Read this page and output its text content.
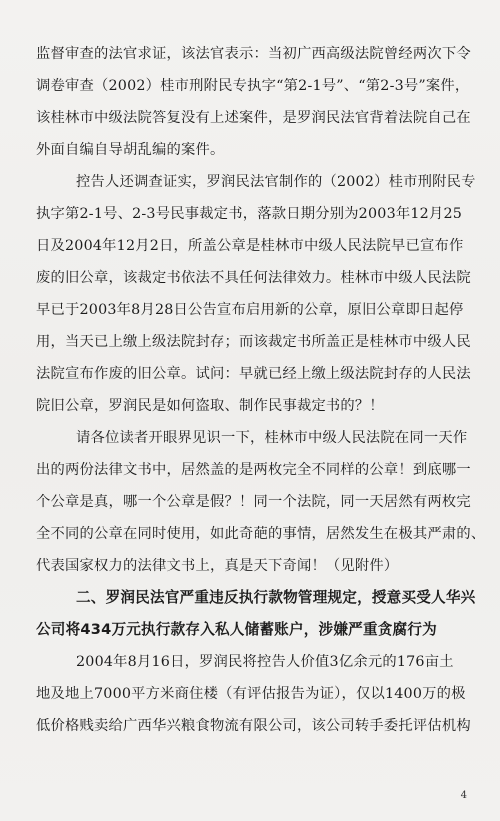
监督审查的法官求证，该法官表示：当初广西高级法院曾经两次下令
调卷审查（2002）桂市刑附民专执字“第2-1号”、“第2-3号”案件，
该桂林市中级法院答复没有上述案件，是罗润民法官背着法院自己在
外面自编自导胡乱编的案件。
控告人还调查证实，罗润民法官制作的（2002）桂市刑附民专
执字第2-1号、2-3号民事裁定书，落款日期分别为2003年12月25
日及2004年12月2日，所盖公章是桂林市中级人民法院早已宣布作
废的旧公章，该裁定书依法不具任何法律效力。桂林市中级人民法院
早已于2003年8月28日公告宣布启用新的公章，原旧公章即日起停
用，当天已上缴上级法院封存；而该裁定书所盖正是桂林市中级人民
法院宣布作废的旧公章。试问：早就已经上缴上级法院封存的人民法
院旧公章，罗润民是如何盗取、制作民事裁定书的？！
请各位读者开眼界见识一下，桂林市中级人民法院在同一天作
出的两份法律文书中，居然盖的是两枚完全不同样的公章！到底哪一
个公章是真，哪一个公章是假？！同一个法院，同一天居然有两枚完
全不同的公章在同时使用，如此奇葩的事情，居然发生在极其严肃的、
代表国家权力的法律文书上，真是天下奇闻！（见附件）
二、罗润民法官严重违反执行款物管理规定，授意买受人华兴
公司将434万元执行款存入私人储蓄账户，涉嫌严重贪腐行为
2004年8月16日，罗润民将控告人价值3亿余元的176亩土
地及地上7000平方米商住楼（有评估报告为证），仅以1400万的极
低价格贱卖给广西华兴粮食物流有限公司，该公司转手委托评估机构
4
